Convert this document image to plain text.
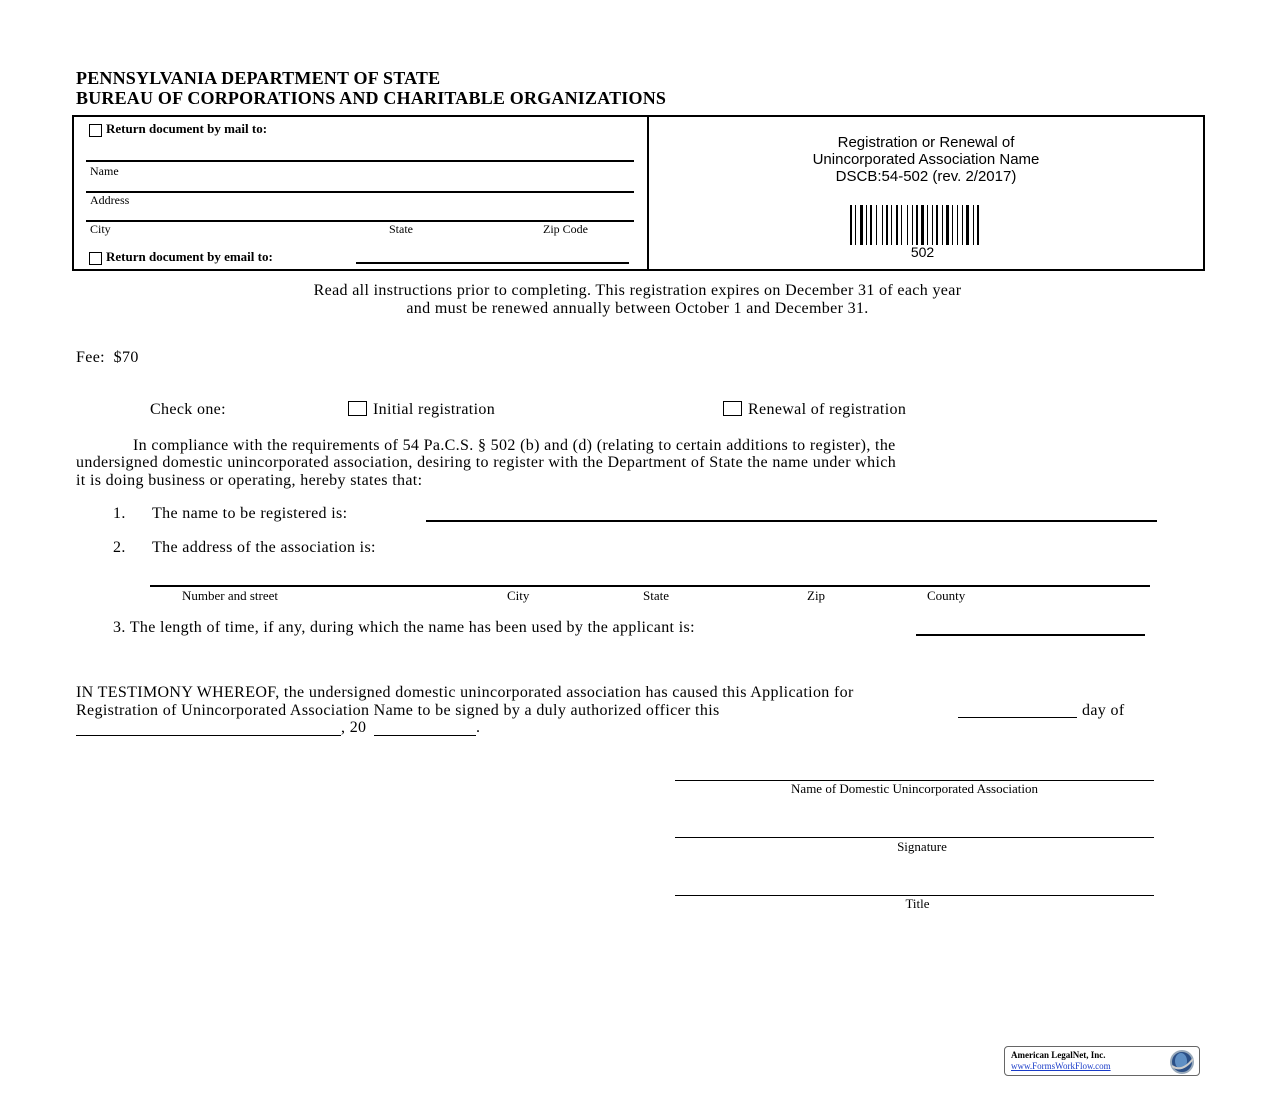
PENNSYLVANIA DEPARTMENT OF STATE
BUREAU OF CORPORATIONS AND CHARITABLE ORGANIZATIONS
Return document by mail to:
Name
Address
City	State	Zip Code
Return document by email to:
Registration or Renewal of
Unincorporated Association Name
DSCB:54-502 (rev. 2/2017)
502
Read all instructions prior to completing. This registration expires on December 31 of each year
and must be renewed annually between October 1 and December 31.
Fee: $70
Check one:	Initial registration	Renewal of registration
In compliance with the requirements of 54 Pa.C.S. § 502 (b) and (d) (relating to certain additions to register), the
undersigned domestic unincorporated association, desiring to register with the Department of State the name under which
it is doing business or operating, hereby states that:
1. The name to be registered is:
2. The address of the association is:
Number and street	City	State	Zip	County
3. The length of time, if any, during which the name has been used by the applicant is:
IN TESTIMONY WHEREOF, the undersigned domestic unincorporated association has caused this Application for
Registration of Unincorporated Association Name to be signed by a duly authorized officer this	day of
, 20	.
Name of Domestic Unincorporated Association
Signature
Title
American LegalNet, Inc.
www.FormsWorkFlow.com
